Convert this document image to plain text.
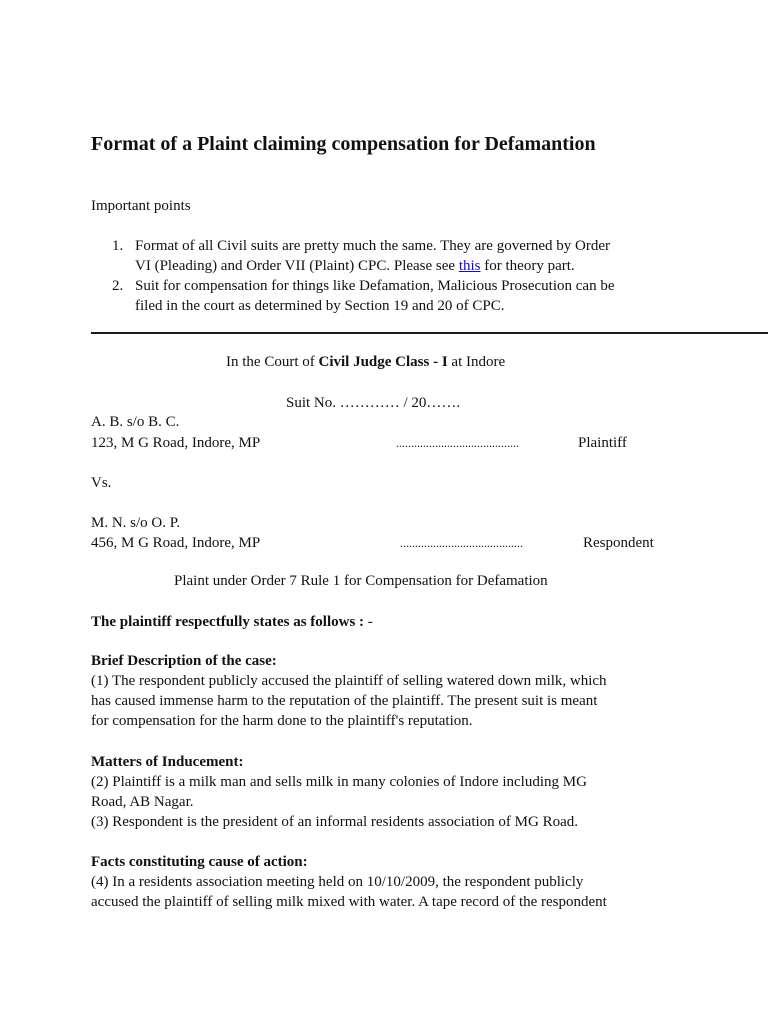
Format of a Plaint claiming compensation for Defamantion
Important points
1. 1. Format of all Civil suits are pretty much the same. They are governed by Order
VI (Pleading) and Order VII (Plaint) CPC. Please see this for theory part.
2. 2. Suit for compensation for things like Defamation, Malicious Prosecution can be
filed in the court as determined by Section 19 and 20 of CPC.
In the Court of Civil Judge Class - I at Indore
Suit No. ………… / 20…….
A. B. s/o B. C.
123, M G Road, Indore, MP	.........................................	Plaintiff
Vs.
M. N. s/o O. P.
456, M G Road, Indore, MP	.........................................	Respondent
Plaint under Order 7 Rule 1 for Compensation for Defamation
The plaintiff respectfully states as follows : -
Brief Description of the case:
(1) The respondent publicly accused the plaintiff of selling watered down milk, which
has caused immense harm to the reputation of the plaintiff. The present suit is meant
for compensation for the harm done to the plaintiff's reputation.
Matters of Inducement:
(2) Plaintiff is a milk man and sells milk in many colonies of Indore including MG
Road, AB Nagar.
(3) Respondent is the president of an informal residents association of MG Road.
Facts constituting cause of action:
(4) In a residents association meeting held on 10/10/2009, the respondent publicly
accused the plaintiff of selling milk mixed with water. A tape record of the respondent
